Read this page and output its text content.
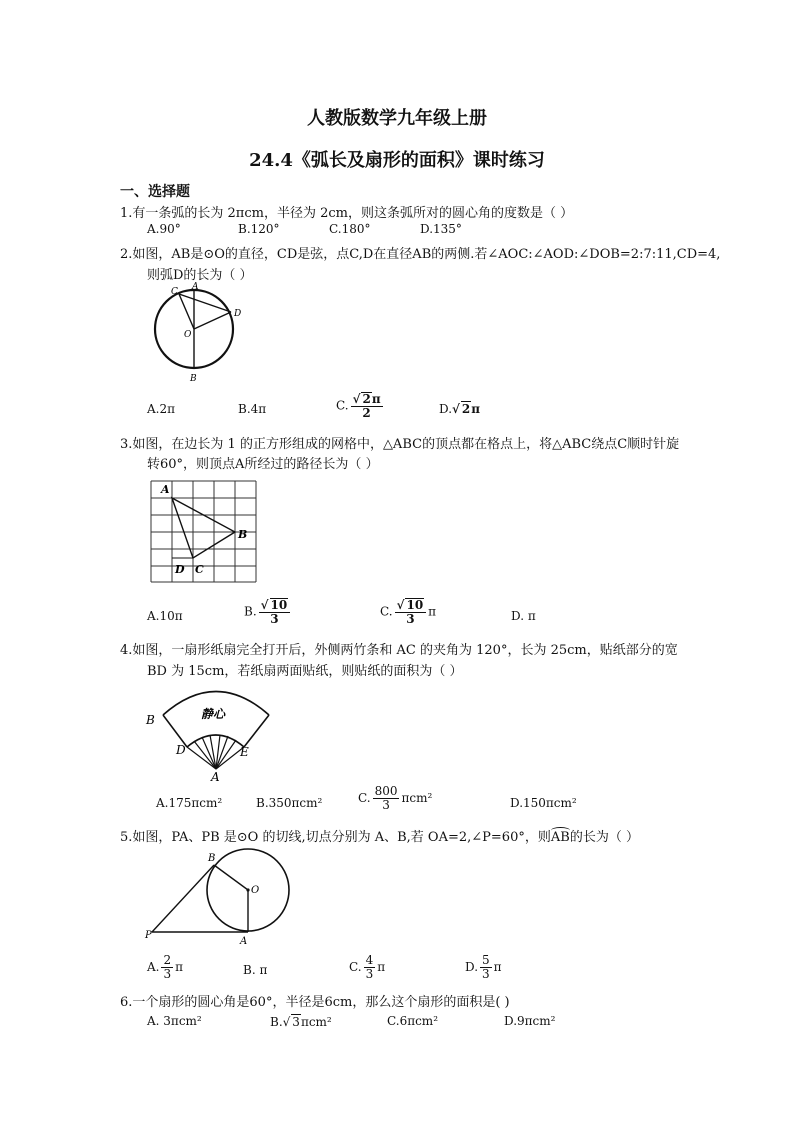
人教版数学九年级上册
24.4《弧长及扇形的面积》课时练习
一、选择题
1.有一条弧的长为 2πcm，半径为 2cm，则这条弧所对的圆心角的度数是（ ）
A.90°	B.120°	C.180°	D.135°
2.如图，AB是⊙O的直径，CD是弦，点C,D在直径AB的两侧.若∠AOC:∠AOD:∠DOB=2:7:11,CD=4,
则弧D的长为（ ）
A
C
D
O
B
A.2π	B.4π	C. $\frac{√ 2\pi}{2}$	D.√ 2π
3.如图，在边长为 1 的正方形组成的网格中，△ABC的顶点都在格点上，将△ABC绕点C顺时针旋
转60°，则顶点A所经过的路径长为（ ）
A
B
C
D
A.10π	B. $\frac{√ 10}{3}$	C. $\frac{√ 10}{3}$ π	D. π
4.如图，一扇形纸扇完全打开后，外侧两竹条和 AC 的夹角为 120°，长为 25cm，贴纸部分的宽
BD 为 15cm，若纸扇两面贴纸，则贴纸的面积为（ ）
静心
B
D	E
A
A.175πcm²	B.350πcm²	C. $\frac{800}{3} \pi cm^2$	D.150πcm²
5.如图，PA、PB 是⊙O 的切线,切点分别为 A、B,若 OA=2,∠P=60°，则AB的长为（ ）
B
O
P
A
A. $\frac{2}{3}$ π	B. π	C. $\frac{4}{3}$ π	D. $\frac{5}{3}$ π
6.一个扇形的圆心角是60°，半径是6cm，那么这个扇形的面积是( )
A. 3πcm²	B.√ 3πcm²	C.6πcm²	D.9πcm²
